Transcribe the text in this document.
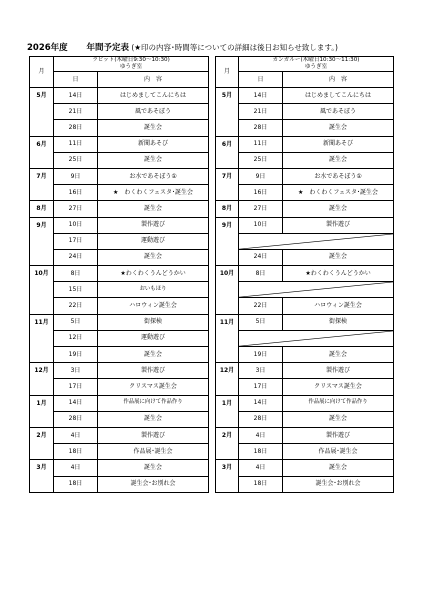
2026年度 年間予定表 (★印の内容･時間等についての詳細は後日お知らせ致します。)
月	ラビット(木曜日9:30～10:30)
ゆうぎ室	

	日	内　容
5月	14日	はじめましてこんにちは
	21日	風であそぼう
	28日	誕生会
6月	11日	新聞あそび
	25日	誕生会
7月	9日	お水であそぼう①
	16日	★　わくわくフェスタ･誕生会
8月	27日	誕生会
9月	10日	製作遊び
	17日	運動遊び
	24日	誕生会
10月	8日	★わくわくうんどうかい
	15日	おいもほり
	22日	ハロウィン誕生会
11月	5日	街探検
	12日	運動遊び
	19日	誕生会
12月	3日	製作遊び
	17日	クリスマス誕生会
1月	14日	作品展に向けて作品作り
	28日	誕生会
2月	4日	製作遊び
	18日	作品展･誕生会
3月	4日	誕生会
	18日	誕生会･お別れ会
月	カンガルー(木曜日10:30～11:30)
ゆうぎ室	

	日	内　容
5月	14日	はじめましてこんにちは
	21日	風であそぼう
	28日	誕生会
6月	11日	新聞あそび
	25日	誕生会
7月	9日	お水であそぼう①
	16日	★　わくわくフェスタ･誕生会
8月	27日	誕生会
9月	10日	製作遊び

	24日	誕生会
10月	8日	★わくわくうんどうかい

	22日	ハロウィン誕生会
11月	5日	街探検

	19日	誕生会
12月	3日	製作遊び
	17日	クリスマス誕生会
1月	14日	作品展に向けて作品作り
	28日	誕生会
2月	4日	製作遊び
	18日	作品展･誕生会
3月	4日	誕生会
	18日	誕生会･お別れ会
